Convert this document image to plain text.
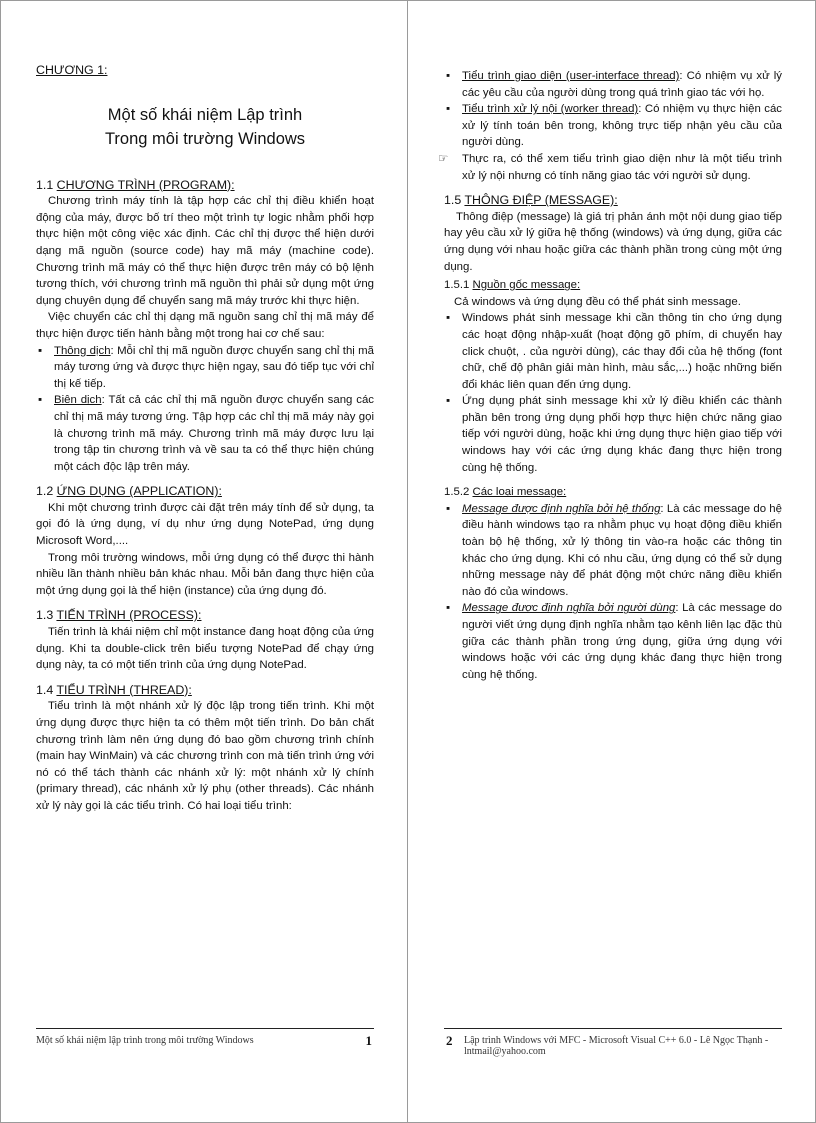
CHƯƠNG 1:
Một số khái niệm Lập trình
Trong môi trường Windows
1.1 CHƯƠNG TRÌNH (PROGRAM):

Chương trình máy tính là tập hợp các chỉ thị điều khiển hoạt động của máy, được bố trí theo một trình tự logic nhằm phối hợp thực hiện một công việc xác định. Các chỉ thị được thể hiện dưới dạng mã nguồn (source code) hay mã máy (machine code). Chương trình mã máy có thể thực hiện được trên máy có bộ lệnh tương thích, với chương trình mã nguồn thì phải sử dụng một ứng dụng chuyên dụng để chuyển sang mã máy trước khi thực hiện.

Việc chuyển các chỉ thị dạng mã nguồn sang chỉ thị mã máy để thực hiện được tiến hành bằng một trong hai cơ chế sau:

▪ Thông dịch: Mỗi chỉ thị mã nguồn được chuyển sang chỉ thị mã máy tương ứng và được thực hiện ngay, sau đó tiếp tục với chỉ thị kế tiếp.
▪ Biên dịch: Tất cả các chỉ thị mã nguồn được chuyển sang các chỉ thị mã máy tương ứng. Tập hợp các chỉ thị mã máy này gọi là chương trình mã máy. Chương trình mã máy được lưu lại trong tập tin chương trình và về sau ta có thể thực hiện chúng một cách độc lập trên máy.
1.2 ỨNG DỤNG (APPLICATION):

Khi một chương trình được cài đặt trên máy tính để sử dụng, ta gọi đó là ứng dụng, ví dụ như ứng dụng NotePad, ứng dụng Microsoft Word,....

Trong môi trường windows, mỗi ứng dụng có thể được thi hành nhiều lần thành nhiều bản khác nhau. Mỗi bản đang thực hiện của một ứng dụng gọi là thể hiện (instance) của ứng dụng đó.

1.3 TIẾN TRÌNH (PROCESS):

Tiến trình là khái niệm chỉ một instance đang hoạt động của ứng dụng. Khi ta double-click trên biểu tượng NotePad để chạy ứng dụng này, ta có một tiến trình của ứng dụng NotePad.

1.4 TIỂU TRÌNH (THREAD):

Tiểu trình là một nhánh xử lý độc lập trong tiến trình. Khi một ứng dụng được thực hiện ta có thêm một tiến trình. Do bản chất chương trình làm nên ứng dụng đó bao gồm chương trình chính (main hay WinMain) và các chương trình con mà tiến trình ứng với nó có thể tách thành các nhánh xử lý: một nhánh xử lý chính (primary thread), các nhánh xử lý phụ (other threads). Các nhánh xử lý này gọi là các tiểu trình. Có hai loại tiểu trình:

Một số khái niệm lập trình trong môi trường Windows	1
▪ Tiểu trình giao diện (user-interface thread): Có nhiệm vụ xử lý các yêu cầu của người dùng trong quá trình giao tác với họ.
▪ Tiểu trình xử lý nội (worker thread): Có nhiệm vụ thực hiện các xử lý tính toán bên trong, không trực tiếp nhận yêu cầu của người dùng.
☞ Thực ra, có thể xem tiểu trình giao diện như là một tiểu trình xử lý nội nhưng có tính năng giao tác với người sử dụng.
1.5 THÔNG ĐIỆP (MESSAGE):

Thông điệp (message) là giá trị phản ánh một nội dung giao tiếp hay yêu cầu xử lý giữa hệ thống (windows) và ứng dụng, giữa các ứng dụng với nhau hoặc giữa các thành phần trong cùng một ứng dụng.

1.5.1 Nguồn gốc message:

Cả windows và ứng dụng đều có thể phát sinh message.

▪ Windows phát sinh message khi cần thông tin cho ứng dụng các hoạt động nhập-xuất (hoạt động gõ phím, di chuyển hay click chuột, . của người dùng), các thay đổi của hệ thống (font chữ, chế độ phân giải màn hình, màu sắc,...) hoặc những biến đổi khác liên quan đến ứng dụng.
▪ Ứng dụng phát sinh message khi xử lý điều khiển các thành phần bên trong ứng dụng phối hợp thực hiện chức năng giao tiếp với người dùng, hoặc khi ứng dụng thực hiện giao tiếp với windows hay với các ứng dụng khác đang thực hiện trong cùng hệ thống.
1.5.2 Các loại message:
▪ Message được định nghĩa bởi hệ thống: Là các message do hệ điều hành windows tạo ra nhằm phục vụ hoạt động điều khiển toàn bộ hệ thống, xử lý thông tin vào-ra hoặc các thông tin khác cho ứng dụng. Khi có nhu cầu, ứng dụng có thể sử dụng những message này để phát động một chức năng điều khiển nào đó của windows.
▪ Message được định nghĩa bởi người dùng: Là các message do người viết ứng dụng định nghĩa nhằm tạo kênh liên lạc đặc thù giữa các thành phần trong ứng dụng, giữa ứng dụng với windows hoặc với các ứng dụng khác đang thực hiện trong cùng hệ thống.
2 Lập trình Windows với MFC - Microsoft Visual C++ 6.0 - Lê Ngọc Thạnh - lntmail@yahoo.com
